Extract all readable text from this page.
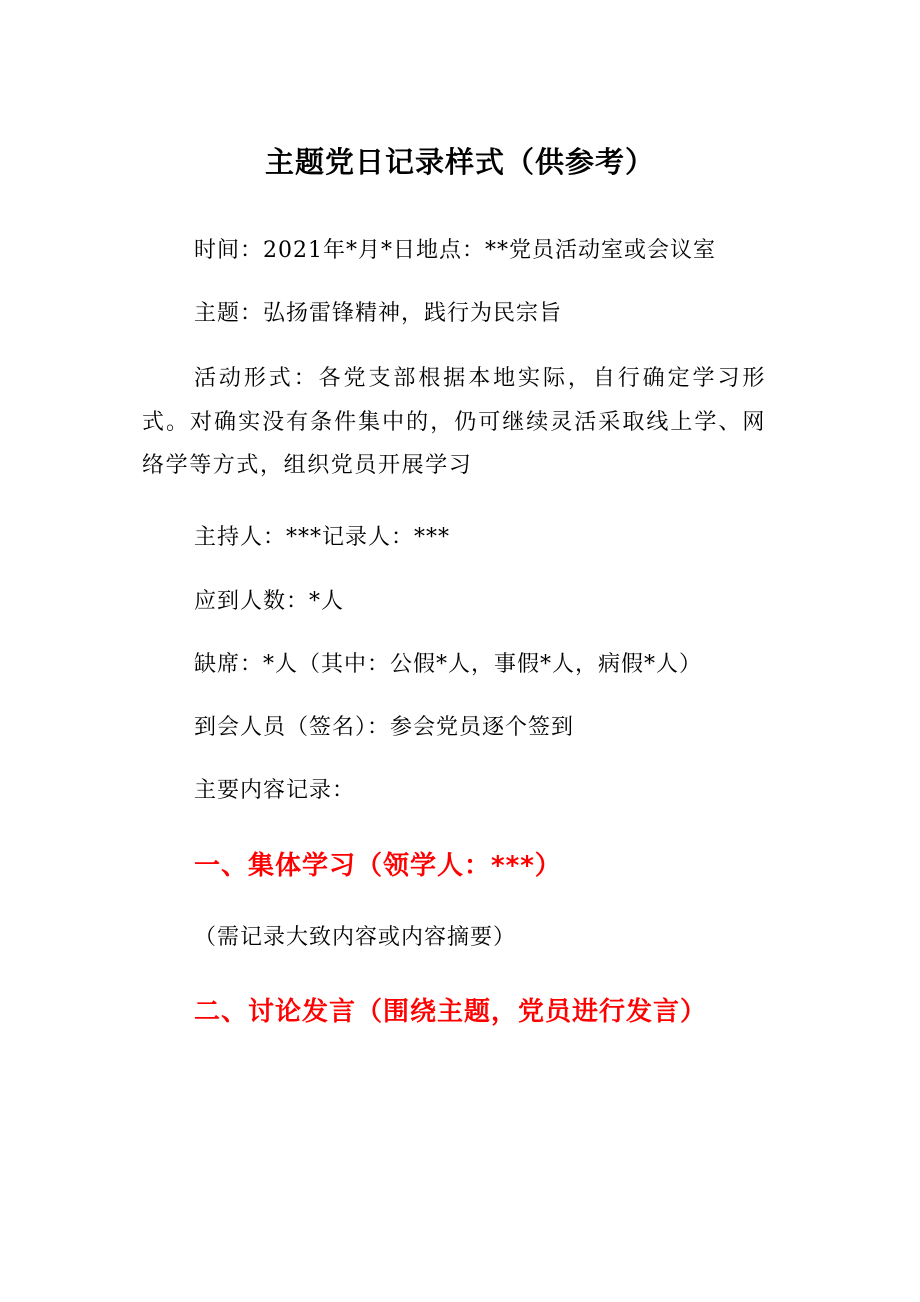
主题党日记录样式（供参考）
时间：2021年*月*日地点：**党员活动室或会议室
主题：弘扬雷锋精神，践行为民宗旨
活动形式：各党支部根据本地实际，自行确定学习形式。对确实没有条件集中的，仍可继续灵活采取线上学、网络学等方式，组织党员开展学习
主持人：***记录人：***
应到人数：*人
缺席：*人（其中：公假*人，事假*人，病假*人）
到会人员（签名）：参会党员逐个签到
主要内容记录：
一、集体学习（领学人：***）
（需记录大致内容或内容摘要）
二、讨论发言（围绕主题，党员进行发言）
